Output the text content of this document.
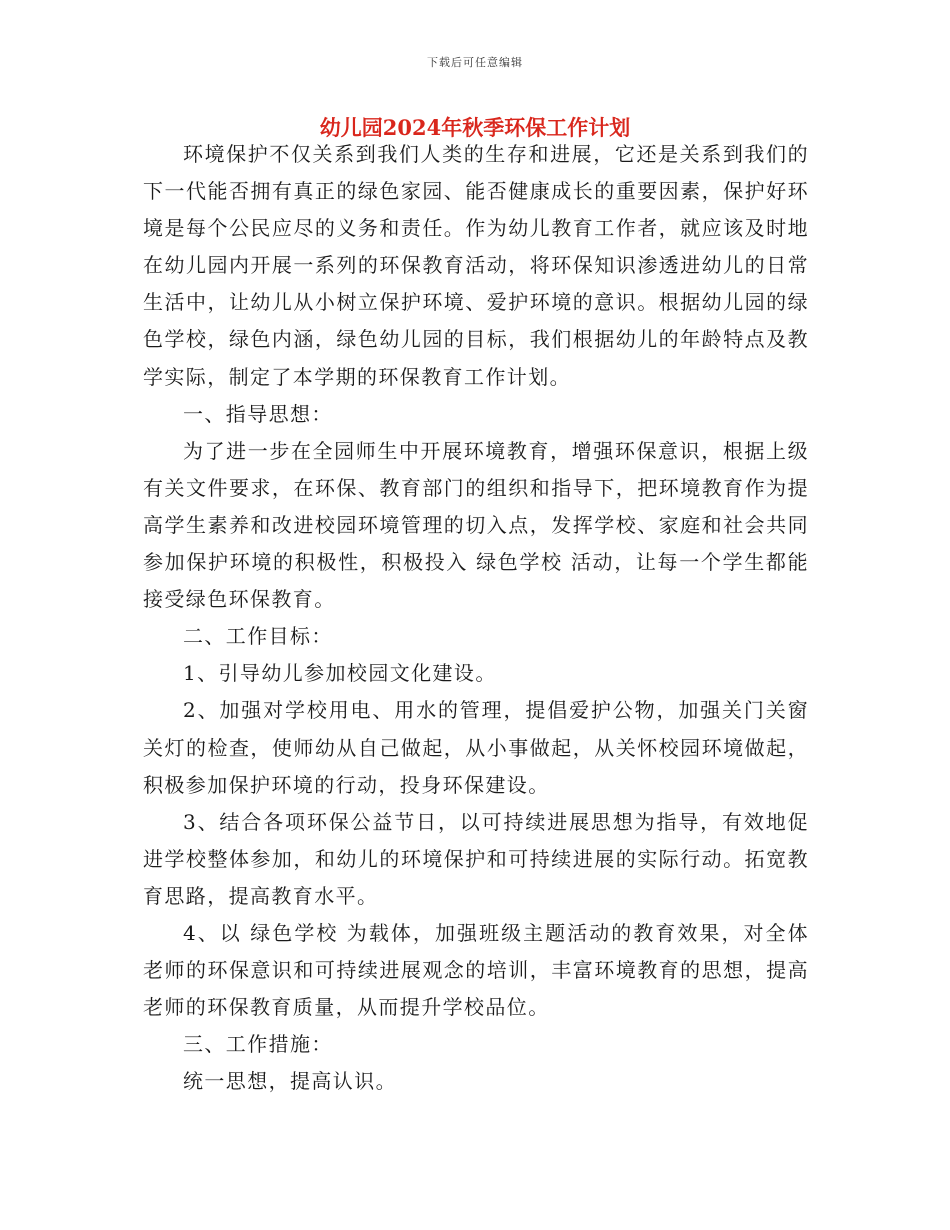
下载后可任意编辑
幼儿园2024年秋季环保工作计划

环境保护不仅关系到我们人类的生存和进展，它还是关系到我们的下一代能否拥有真正的绿色家园、能否健康成长的重要因素，保护好环境是每个公民应尽的义务和责任。作为幼儿教育工作者，就应该及时地在幼儿园内开展一系列的环保教育活动，将环保知识渗透进幼儿的日常生活中，让幼儿从小树立保护环境、爱护环境的意识。根据幼儿园的绿色学校，绿色内涵，绿色幼儿园的目标，我们根据幼儿的年龄特点及教学实际，制定了本学期的环保教育工作计划。

一、指导思想：

为了进一步在全园师生中开展环境教育，增强环保意识，根据上级有关文件要求，在环保、教育部门的组织和指导下，把环境教育作为提高学生素养和改进校园环境管理的切入点，发挥学校、家庭和社会共同参加保护环境的积极性，积极投入 绿色学校 活动，让每一个学生都能接受绿色环保教育。

二、工作目标：

1、引导幼儿参加校园文化建设。

2、加强对学校用电、用水的管理，提倡爱护公物，加强关门关窗关灯的检查，使师幼从自己做起，从小事做起，从关怀校园环境做起，积极参加保护环境的行动，投身环保建设。

3、结合各项环保公益节日，以可持续进展思想为指导，有效地促进学校整体参加，和幼儿的环境保护和可持续进展的实际行动。拓宽教育思路，提高教育水平。

4、以 绿色学校 为载体，加强班级主题活动的教育效果，对全体老师的环保意识和可持续进展观念的培训，丰富环境教育的思想，提高老师的环保教育质量，从而提升学校品位。

三、工作措施：

统一思想，提高认识。
